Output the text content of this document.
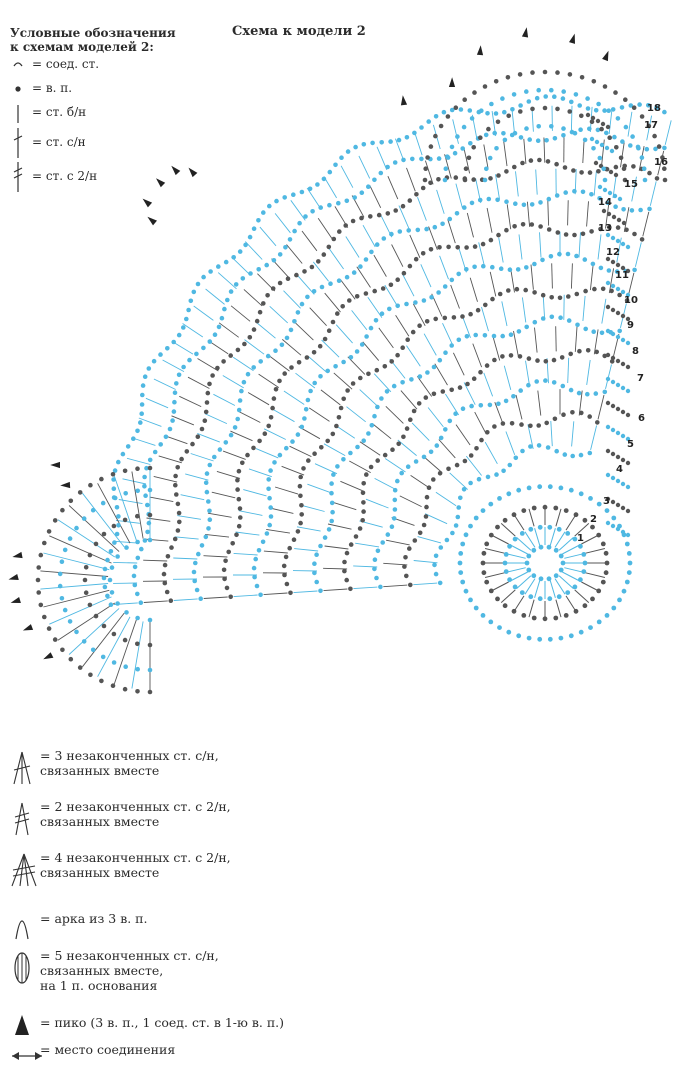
Условные обозначения
к схемам моделей 2:
= соед. ст.
= в. п.
= ст. б/н
= ст. с/н
= ст. с 2/н
Схема к модели 2
1
2
3
4
5
6
7
8
9
10
11
12
13
14
15
16
17
18
= 3 незаконченных ст. с/н,
связанных вместе
= 2 незаконченных ст. с 2/н,
связанных вместе
= 4 незаконченных ст. с 2/н,
связанных вместе
= арка из 3 в. п.
= 5 незаконченных ст. с/н,
связанных вместе,
на 1 п. основания
= пико (3 в. п., 1 соед. ст. в 1-ю в. п.)
= место соединения
